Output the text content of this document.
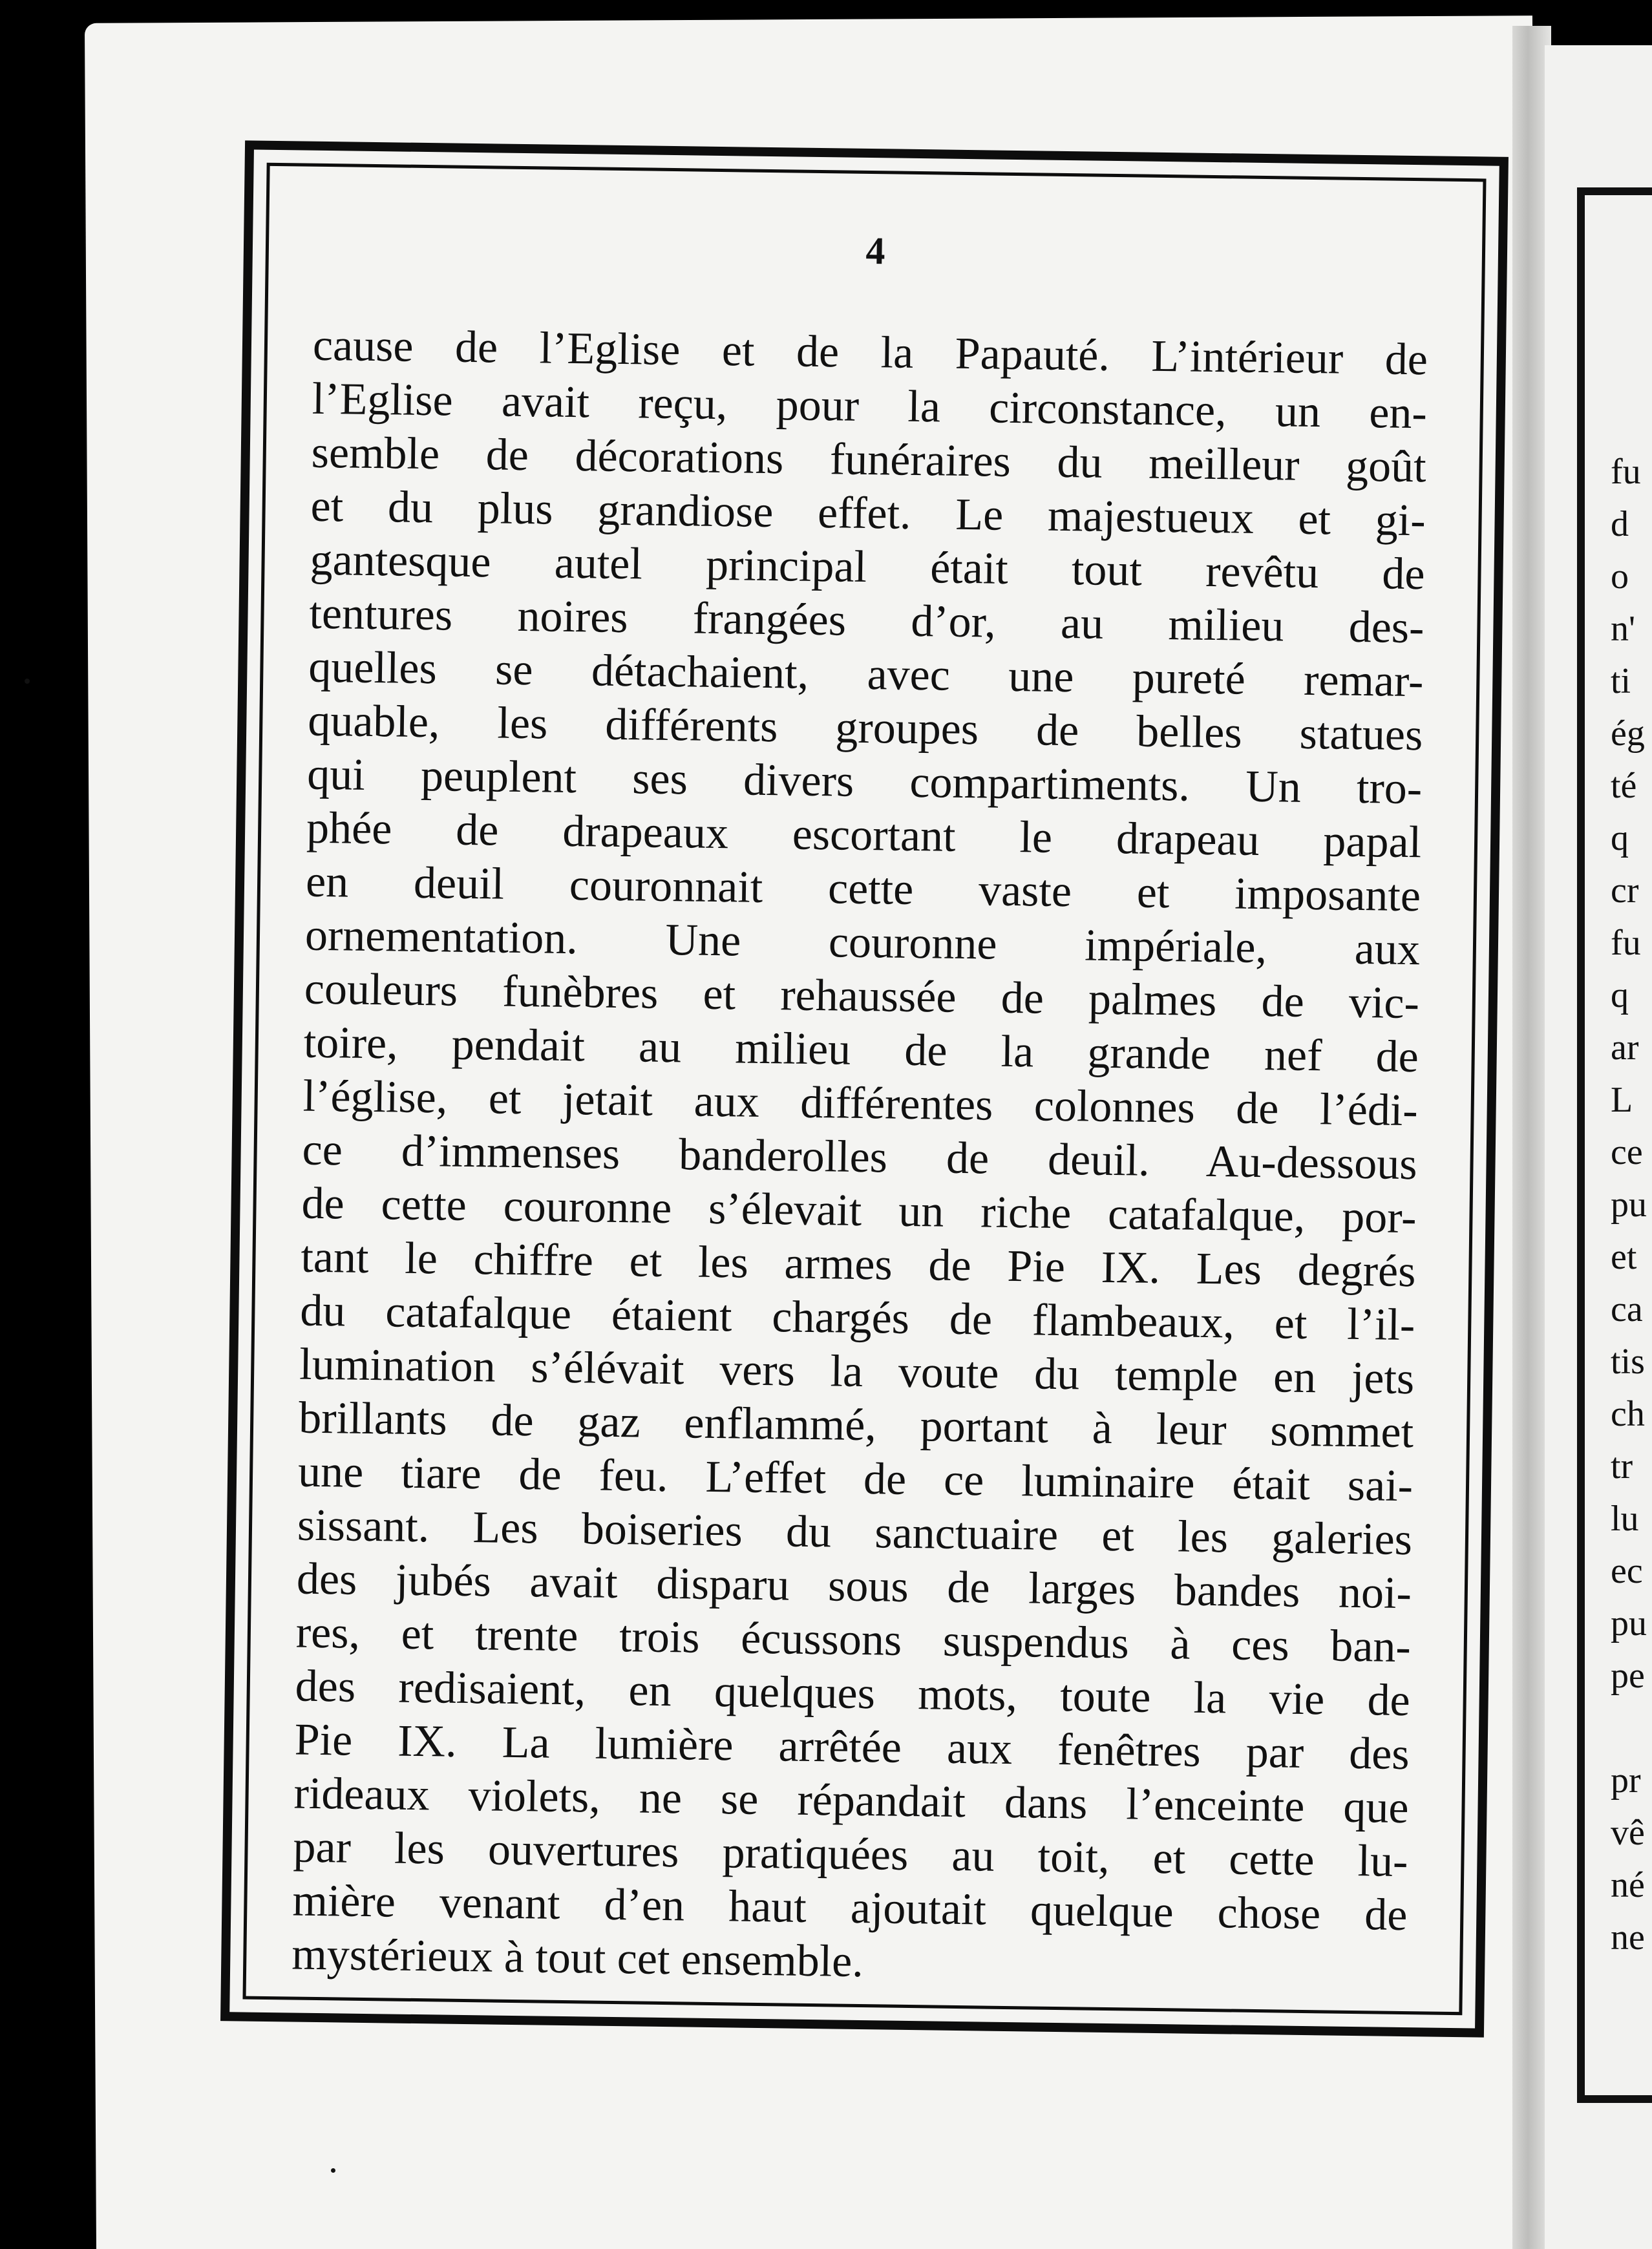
fu
d
o
n'
ti
ég
té
q
cr
fu
q
ar
L
ce
pu
et
ca
tis
ch
tr
lu
ec
pu
pe

pr
vê
né
ne
4
cause de l’Eglise et de la Papauté. L’intérieur de
l’Eglise avait reçu, pour la circonstance, un en-
semble de décorations funéraires du meilleur goût
et du plus grandiose effet. Le majestueux et gi-
gantesque autel principal était tout revêtu de
tentures noires frangées d’or, au milieu des-
quelles se détachaient, avec une pureté remar-
quable, les différents groupes de belles statues
qui peuplent ses divers compartiments. Un tro-
phée de drapeaux escortant le drapeau papal
en deuil couronnait cette vaste et imposante
ornementation. Une couronne impériale, aux
couleurs funèbres et rehaussée de palmes de vic-
toire, pendait au milieu de la grande nef de
l’église, et jetait aux différentes colonnes de l’édi-
ce d’immenses banderolles de deuil. Au-dessous
de cette couronne s’élevait un riche catafalque, por-
tant le chiffre et les armes de Pie IX. Les degrés
du catafalque étaient chargés de flambeaux, et l’il-
lumination s’élévait vers la voute du temple en jets
brillants de gaz enflammé, portant à leur sommet
une tiare de feu. L’effet de ce luminaire était sai-
sissant. Les boiseries du sanctuaire et les galeries
des jubés avait disparu sous de larges bandes noi-
res, et trente trois écussons suspendus à ces ban-
des redisaient, en quelques mots, toute la vie de
Pie IX. La lumière arrêtée aux fenêtres par des
rideaux violets, ne se répandait dans l’enceinte que
par les ouvertures pratiquées au toit, et cette lu-
mière venant d’en haut ajoutait quelque chose de
mystérieux à tout cet ensemble.
